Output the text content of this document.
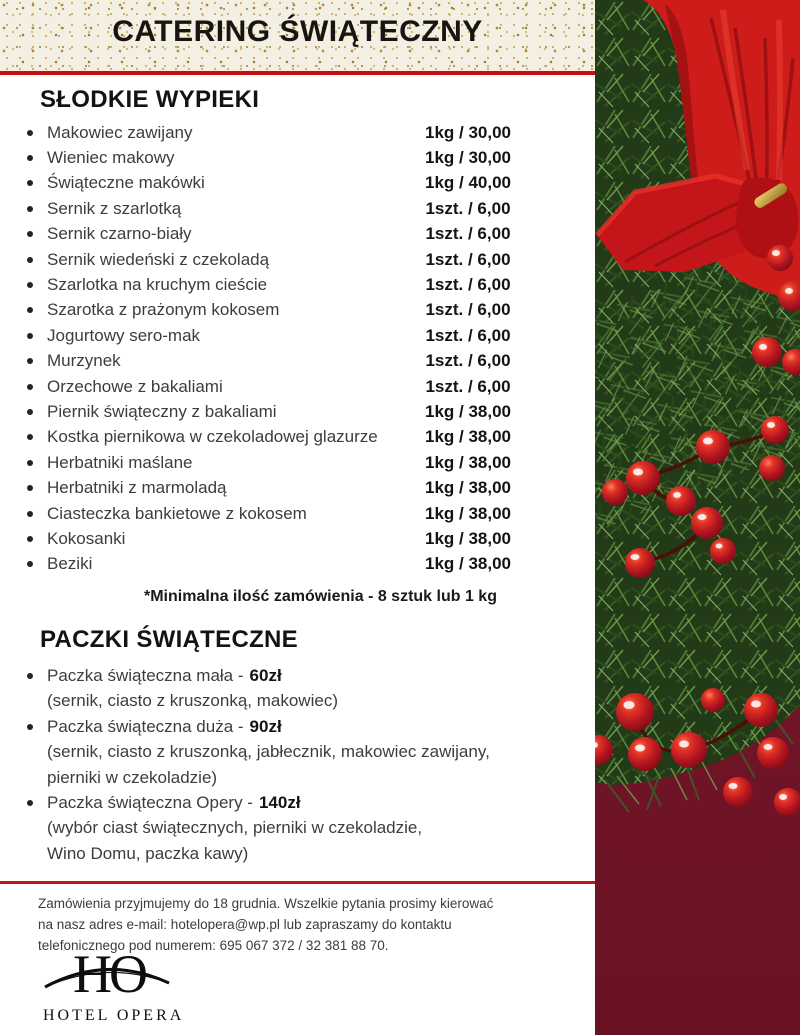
CATERING ŚWIĄTECZNY
SŁODKIE WYPIEKI
Makowiec zawijany	1kg / 30,00
Wieniec makowy	1kg / 30,00
Świąteczne makówki	1kg / 40,00
Sernik z szarlotką	1szt. / 6,00
Sernik czarno-biały	1szt. / 6,00
Sernik wiedeński z czekoladą	1szt. / 6,00
Szarlotka na kruchym cieście	1szt. / 6,00
Szarotka z prażonym kokosem	1szt. / 6,00
Jogurtowy sero-mak	1szt. / 6,00
Murzynek	1szt. / 6,00
Orzechowe z bakaliami	1szt. / 6,00
Piernik świąteczny z bakaliami	1kg / 38,00
Kostka piernikowa w czekoladowej glazurze	1kg / 38,00
Herbatniki maślane	1kg / 38,00
Herbatniki z marmoladą	1kg / 38,00
Ciasteczka bankietowe z kokosem	1kg / 38,00
Kokosanki	1kg / 38,00
Beziki	1kg / 38,00
*Minimalna ilość zamówienia - 8 sztuk lub 1 kg
PACZKI ŚWIĄTECZNE
Paczka świąteczna mała - 60zł
(sernik, ciasto z kruszonką, makowiec)
Paczka świąteczna duża - 90zł
(sernik, ciasto z kruszonką, jabłecznik, makowiec zawijany,
pierniki w czekoladzie)
Paczka świąteczna Opery - 140zł
(wybór ciast świątecznych, pierniki w czekoladzie,
Wino Domu, paczka kawy)
Zamówienia przyjmujemy do 18 grudnia. Wszelkie pytania prosimy kierować
na nasz adres e-mail: hotelopera@wp.pl lub zapraszamy do kontaktu
telefonicznego pod numerem: 695 067 372 / 32 381 88 70.
HO
HOTEL OPERA
